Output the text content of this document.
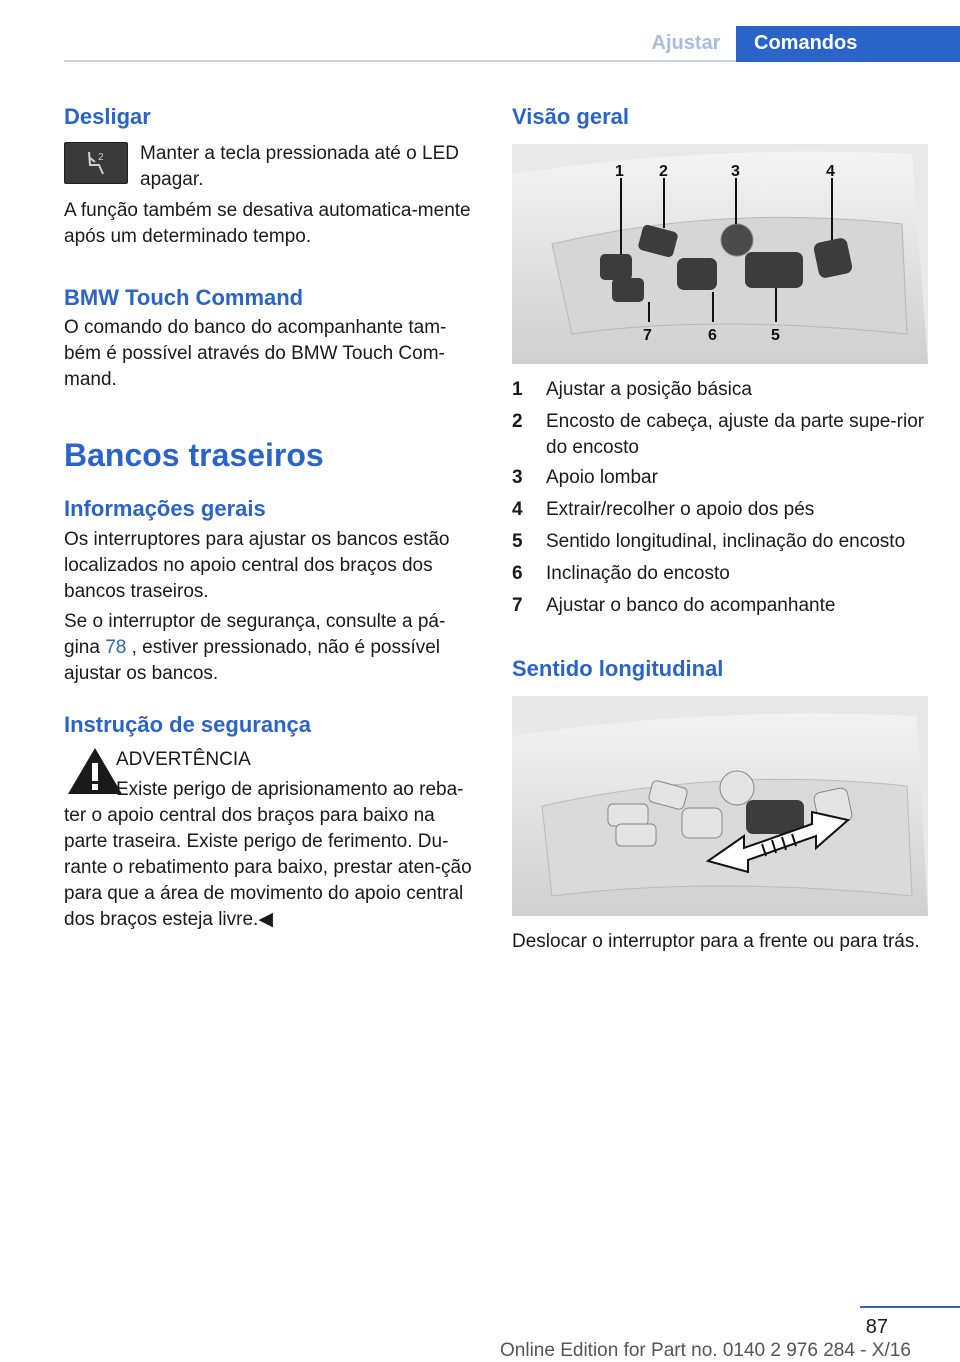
Ajustar	Comandos
Desligar
2 Manter a tecla pressionada até o LED apagar.
A função também se desativa automatica‐mente após um determinado tempo.
BMW Touch Command
O comando do banco do acompanhante tam‐bém é possível através do BMW Touch Com‐mand.
Bancos traseiros
Informações gerais
Os interruptores para ajustar os bancos estão localizados no apoio central dos braços dos bancos traseiros.
Se o interruptor de segurança, consulte a pá‐gina 78 , estiver pressionado, não é possível ajustar os bancos.
Instrução de segurança
ADVERTÊNCIA
Existe perigo de aprisionamento ao reba‐
ter o apoio central dos braços para baixo na parte traseira. Existe perigo de ferimento. Du‐rante o rebatimento para baixo, prestar aten‐ção para que a área de movimento do apoio central dos braços esteja livre.◀
Visão geral
1 2	3	4
7	6	5
1	Ajustar a posição básica
2	Encosto de cabeça, ajuste da parte supe‐rior do encosto
3	Apoio lombar
4	Extrair/recolher o apoio dos pés
5	Sentido longitudinal, inclinação do encosto
6	Inclinação do encosto
7	Ajustar o banco do acompanhante
Sentido longitudinal
Deslocar o interruptor para a frente ou para trás.
87
Online Edition for Part no. 0140 2 976 284 - X/16
